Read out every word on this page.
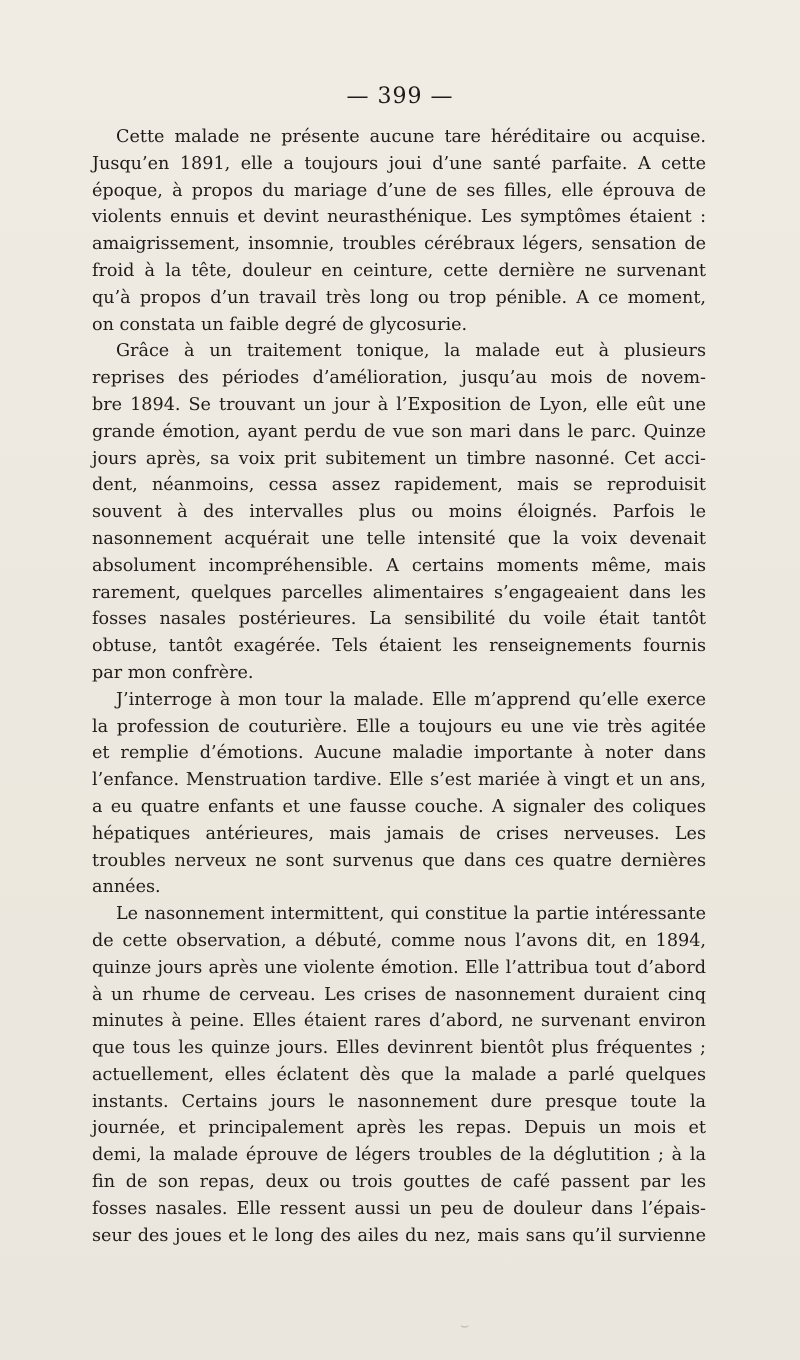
— 399 —
Cette malade ne présente aucune tare héréditaire ou acquise.
Jusqu’en 1891, elle a toujours joui d’une santé parfaite. A cette
époque, à propos du mariage d’une de ses filles, elle éprouva de
violents ennuis et devint neurasthénique. Les symptômes étaient :
amaigrissement, insomnie, troubles cérébraux légers, sensation de
froid à la tête, douleur en ceinture, cette dernière ne survenant
qu’à propos d’un travail très long ou trop pénible. A ce moment,
on constata un faible degré de glycosurie.
Grâce à un traitement tonique, la malade eut à plusieurs
reprises des périodes d’amélioration, jusqu’au mois de novem-
bre 1894. Se trouvant un jour à l’Exposition de Lyon, elle eût une
grande émotion, ayant perdu de vue son mari dans le parc. Quinze
jours après, sa voix prit subitement un timbre nasonné. Cet acci-
dent, néanmoins, cessa assez rapidement, mais se reproduisit
souvent à des intervalles plus ou moins éloignés. Parfois le
nasonnement acquérait une telle intensité que la voix devenait
absolument incompréhensible. A certains moments même, mais
rarement, quelques parcelles alimentaires s’engageaient dans les
fosses nasales postérieures. La sensibilité du voile était tantôt
obtuse, tantôt exagérée. Tels étaient les renseignements fournis
par mon confrère.
J’interroge à mon tour la malade. Elle m’apprend qu’elle exerce
la profession de couturière. Elle a toujours eu une vie très agitée
et remplie d’émotions. Aucune maladie importante à noter dans
l’enfance. Menstruation tardive. Elle s’est mariée à vingt et un ans,
a eu quatre enfants et une fausse couche. A signaler des coliques
hépatiques antérieures, mais jamais de crises nerveuses. Les
troubles nerveux ne sont survenus que dans ces quatre dernières
années.
Le nasonnement intermittent, qui constitue la partie intéressante
de cette observation, a débuté, comme nous l’avons dit, en 1894,
quinze jours après une violente émotion. Elle l’attribua tout d’abord
à un rhume de cerveau. Les crises de nasonnement duraient cinq
minutes à peine. Elles étaient rares d’abord, ne survenant environ
que tous les quinze jours. Elles devinrent bientôt plus fréquentes ;
actuellement, elles éclatent dès que la malade a parlé quelques
instants. Certains jours le nasonnement dure presque toute la
journée, et principalement après les repas. Depuis un mois et
demi, la malade éprouve de légers troubles de la déglutition ; à la
fin de son repas, deux ou trois gouttes de café passent par les
fosses nasales. Elle ressent aussi un peu de douleur dans l’épais-
seur des joues et le long des ailes du nez, mais sans qu’il survienne
⌣
